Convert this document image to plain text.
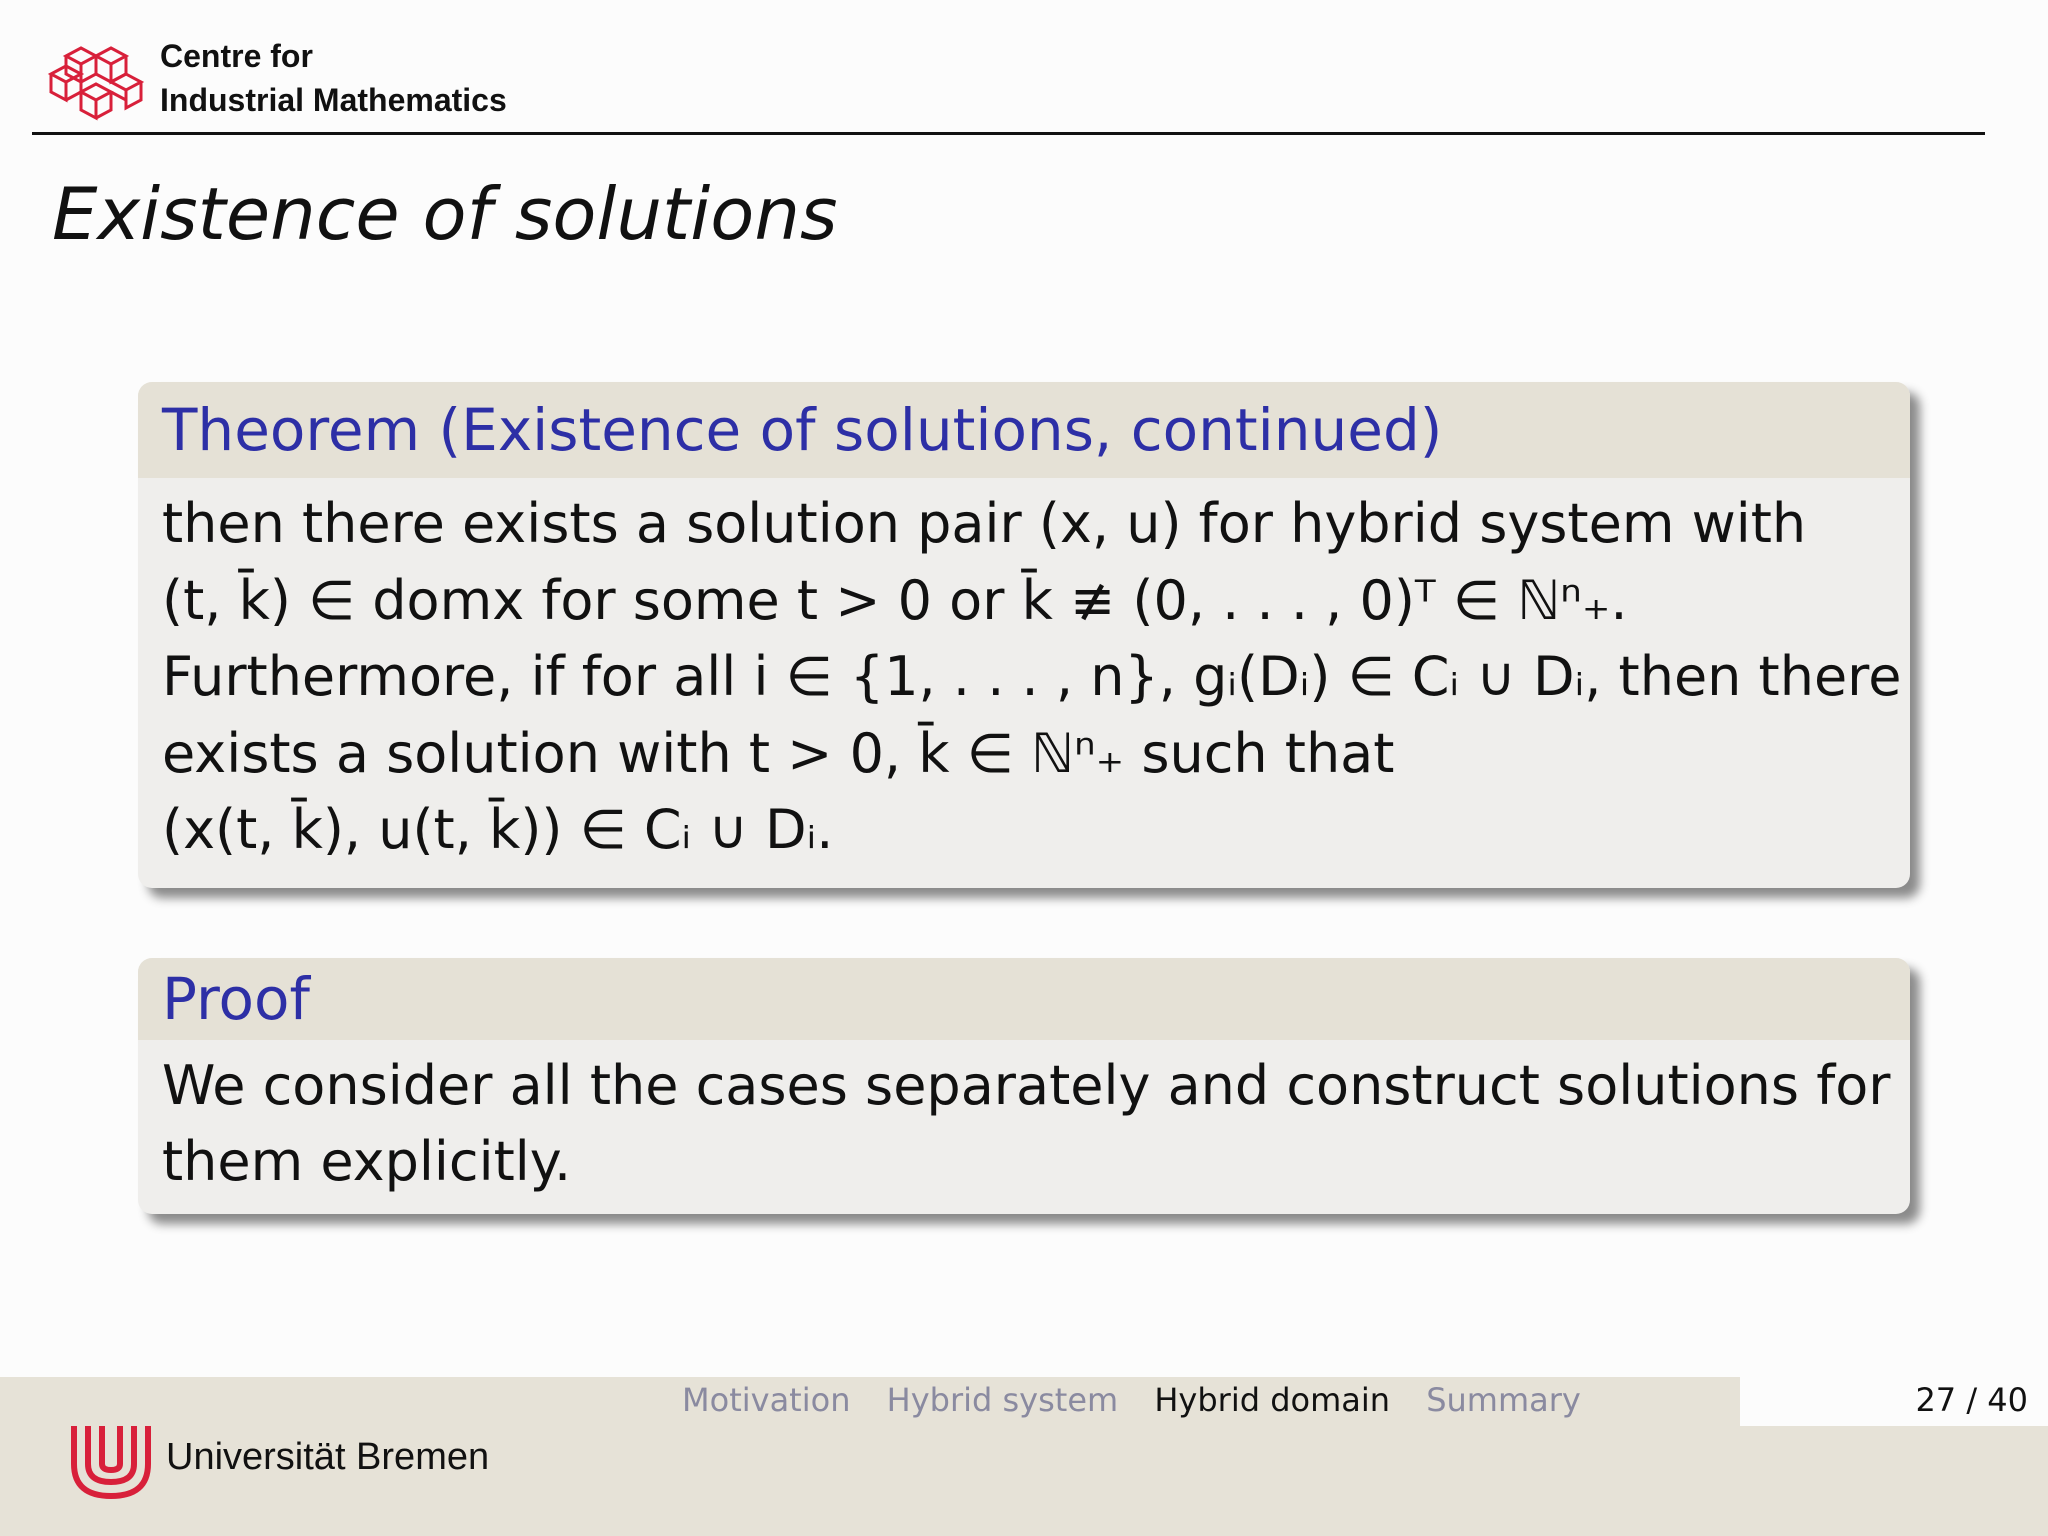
Centre for
Industrial Mathematics
Existence of solutions
Theorem (Existence of solutions, continued)
then there exists a solution pair (x, u) for hybrid system with
(t, k̄) ∈ domx for some t > 0 or k̄ ≢ (0, . . . , 0)ᵀ ∈ ℕⁿ₊.
Furthermore, if for all i ∈ {1, . . . , n}, gᵢ(Dᵢ) ∈ Cᵢ ∪ Dᵢ, then there
exists a solution with t > 0, k̄ ∈ ℕⁿ₊ such that
(x(t, k̄), u(t, k̄)) ∈ Cᵢ ∪ Dᵢ.
Proof
We consider all the cases separately and construct solutions for
them explicitly.
Motivation Hybrid system Hybrid domain Summary	27 / 40
Universität Bremen
